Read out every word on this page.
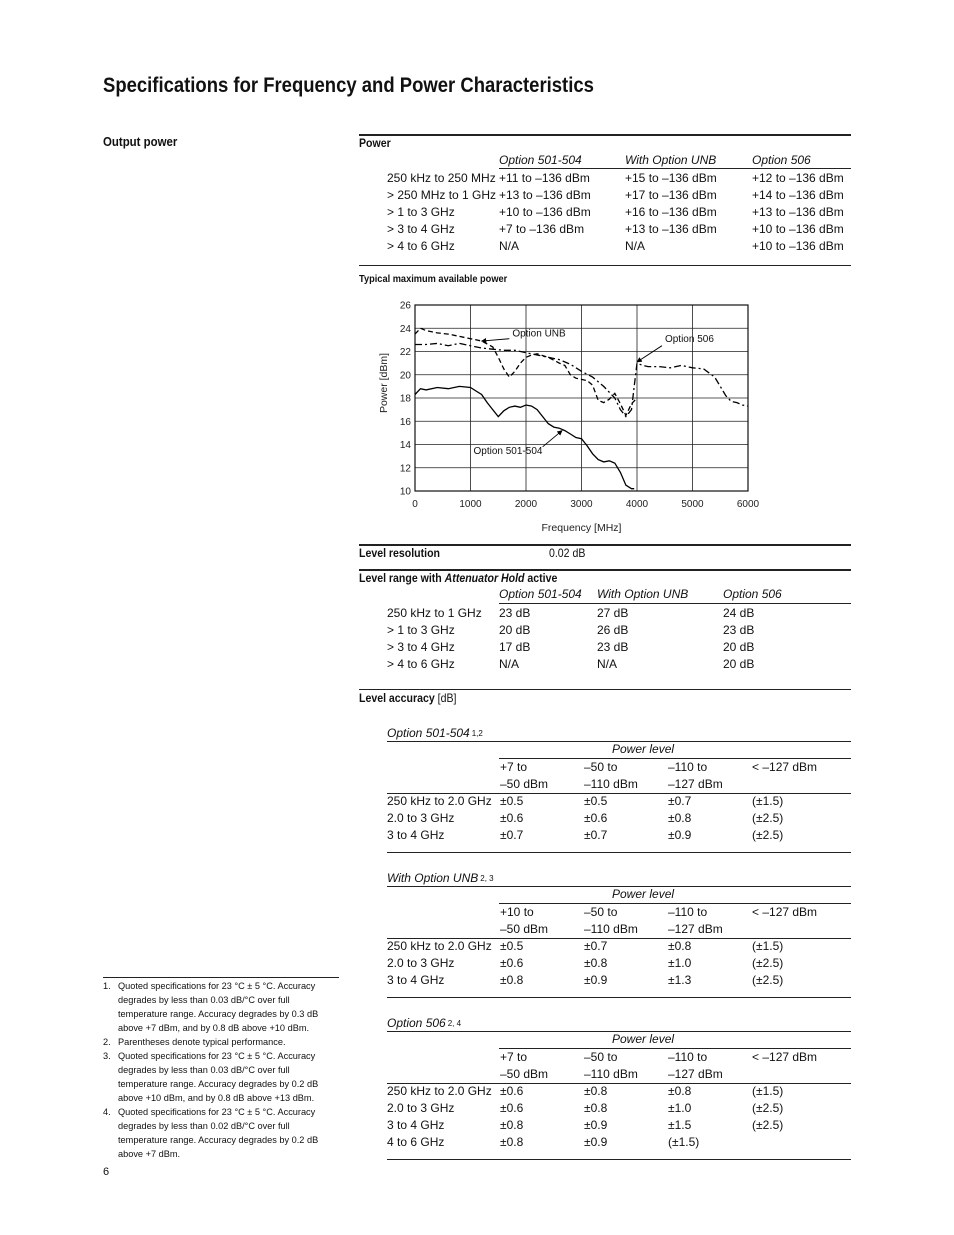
Specifications for Frequency and Power Characteristics
Output power	Power
Option 501-504	With Option UNB	Option 506
250 kHz to 250 MHz +11 to –136 dBm	+15 to –136 dBm	+12 to –136 dBm
> 250 MHz to 1 GHz +13 to –136 dBm	+17 to –136 dBm	+14 to –136 dBm
> 1 to 3 GHz	+10 to –136 dBm	+16 to –136 dBm	+13 to –136 dBm
> 3 to 4 GHz	+7 to –136 dBm	+13 to –136 dBm	+10 to –136 dBm
> 4 to 6 GHz	N/A	N/A	+10 to –136 dBm
Typical maximum available power
10
12
14
16
18
20
22
24
26
0	1000	2000	3000	4000	5000	6000
Frequency [MHz]
Power [dBm]
Option UNB
Option 506
Option 501-504
Level resolution	0.02 dB
Level range with Attenuator Hold active
Option 501-504 With Option UNB	Option 506
250 kHz to 1 GHz 23 dB	27 dB	24 dB
> 1 to 3 GHz	20 dB	26 dB	23 dB
> 3 to 4 GHz	17 dB	23 dB	20 dB
> 4 to 6 GHz	N/A	N/A	20 dB
Level accuracy [dB]
Option 501-504 $^{1,2}$
Power level
+7 to	–50 to	–110 to	< –127 dBm
–50 dBm	–110 dBm	–127 dBm
250 kHz to 2.0 GHz ±0.5	±0.5	±0.7	(±1.5)
2.0 to 3 GHz	±0.6	±0.6	±0.8	(±2.5)
3 to 4 GHz	±0.7	±0.7	±0.9	(±2.5)
With Option UNB $^{2, 3}$
Power level
+10 to	–50 to	–110 to	< –127 dBm
–50 dBm	–110 dBm	–127 dBm
250 kHz to 2.0 GHz ±0.5	±0.7	±0.8	(±1.5)
2.0 to 3 GHz	±0.6	±0.8	±1.0	(±2.5)
3 to 4 GHz	±0.8	±0.9	±1.3	(±2.5)
Option 506 $^{2, 4}$
Power level
+7 to	–50 to	–110 to	< –127 dBm
–50 dBm	–110 dBm	–127 dBm
250 kHz to 2.0 GHz ±0.6	±0.8	±0.8	(±1.5)
2.0 to 3 GHz	±0.6	±0.8	±1.0	(±2.5)
3 to 4 GHz	±0.8	±0.9	±1.5	(±2.5)
4 to 6 GHz	±0.8	±0.9	(±1.5)
1. Quoted specifications for 23 °C ± 5 °C. Accuracy degrades by less than 0.03 dB/°C over full temperature range. Accuracy degrades by 0.3 dB above +7 dBm, and by 0.8 dB above +10 dBm.
2. Parentheses denote typical performance.
3. Quoted specifications for 23 °C ± 5 °C. Accuracy degrades by less than 0.03 dB/°C over full temperature range. Accuracy degrades by 0.2 dB above +10 dBm, and by 0.8 dB above +13 dBm.
4. Quoted specifications for 23 °C ± 5 °C. Accuracy degrades by less than 0.02 dB/°C over full temperature range. Accuracy degrades by 0.2 dB above +7 dBm.
6
